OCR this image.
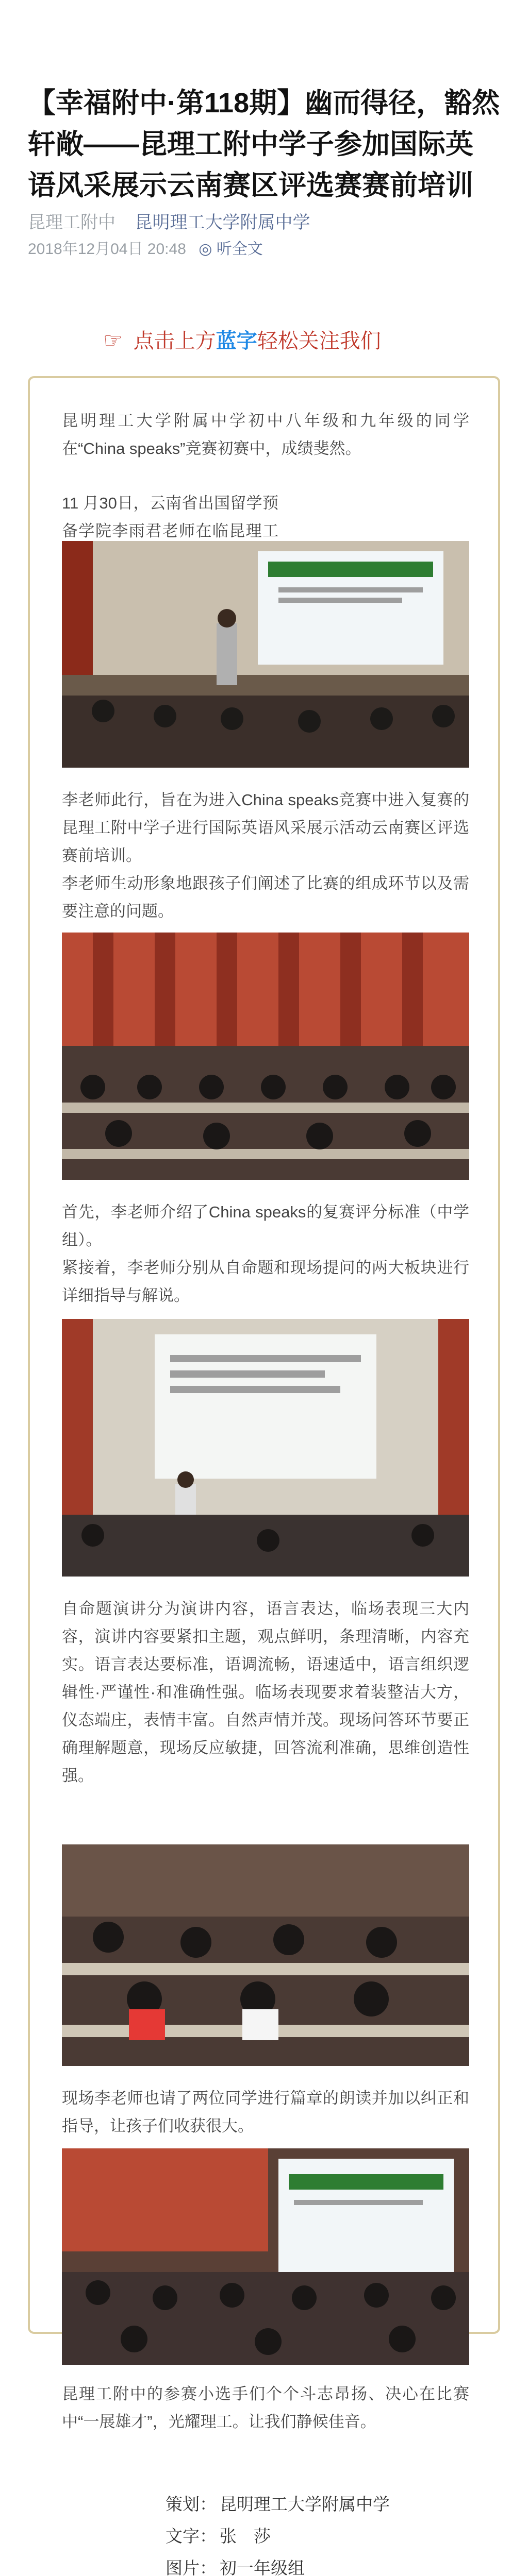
【幸福附中·第118期】幽而得径，豁然轩敞——昆理工附中学子参加国际英语风采展示云南赛区评选赛赛前培训
昆理工附中 昆明理工大学附属中学
2018年12月04日 20:48 ◎ 听全文
☞ 点击上方蓝字轻松关注我们
昆明理工大学附属中学初中八年级和九年级的同学在“China speaks”竞赛初赛中，成绩斐然。
11 月30日，云南省出国留学预备学院李雨君老师在临昆理工
李老师此行，旨在为进入China speaks竞赛中进入复赛的昆理工附中学子进行国际英语风采展示活动云南赛区评选赛前培训。
李老师生动形象地跟孩子们阐述了比赛的组成环节以及需要注意的问题。
首先，李老师介绍了China speaks的复赛评分标准（中学组）。
紧接着，李老师分别从自命题和现场提问的两大板块进行详细指导与解说。
自命题演讲分为演讲内容，语言表达，临场表现三大内容，演讲内容要紧扣主题，观点鲜明，条理清晰，内容充实。语言表达要标准，语调流畅，语速适中，语言组织逻辑性·严谨性·和准确性强。临场表现要求着装整洁大方，仪态端庄，表情丰富。自然声情并茂。现场问答环节要正确理解题意，现场反应敏捷，回答流利准确，思维创造性强。
现场李老师也请了两位同学进行篇章的朗读并加以纠正和指导，让孩子们收获很大。
昆理工附中的参赛小选手们个个斗志昂扬、决心在比赛中“一展雄才”，光耀理工。让我们静候佳音。
策划： 昆明理工大学附属中学
文字： 张　莎
图片： 初一年级组
